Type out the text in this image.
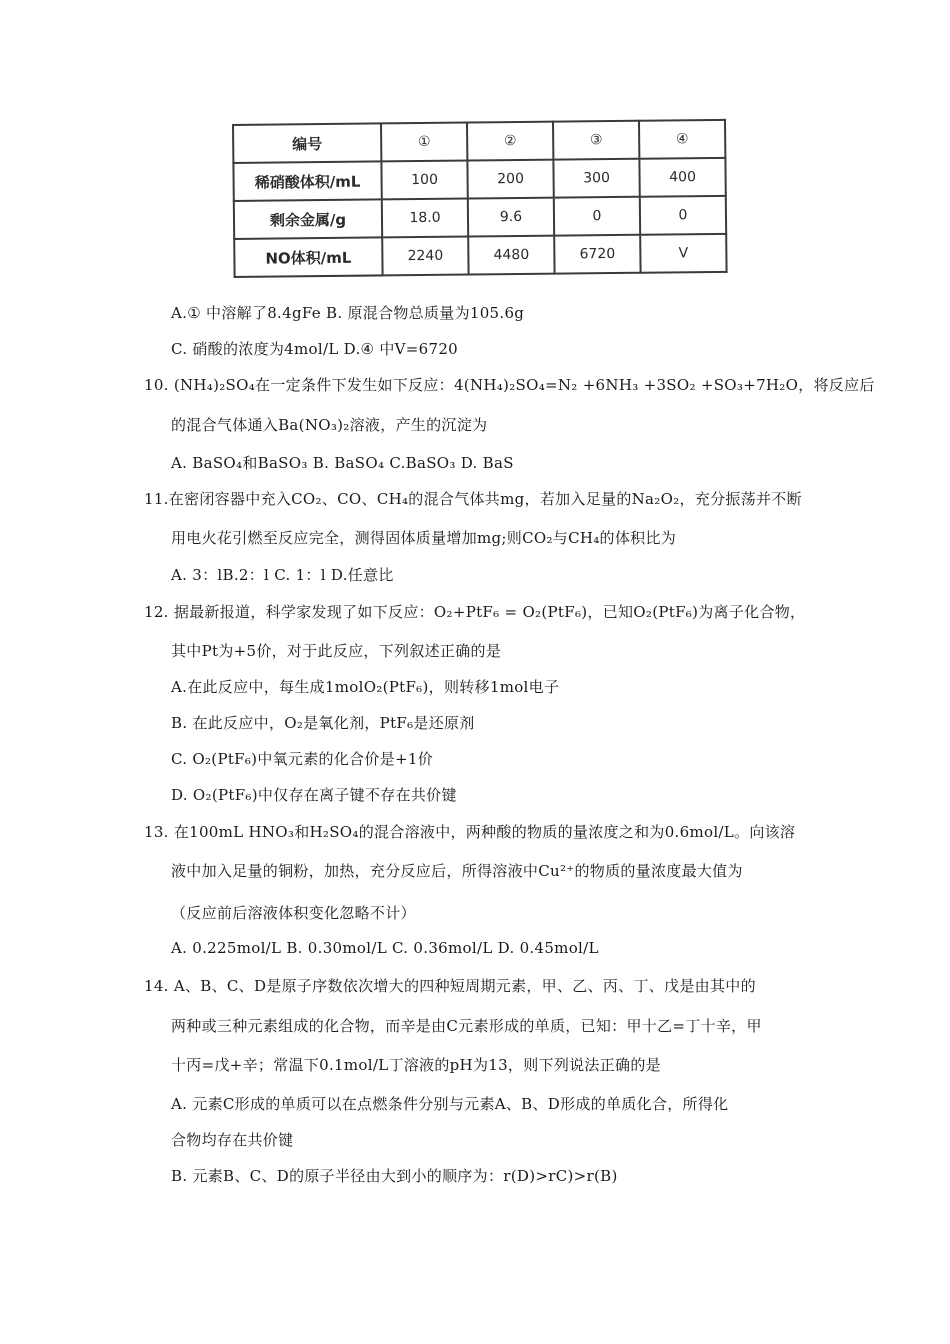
编号	①	②	③	④
稀硝酸体积/mL	100	200	300	400
剩余金属/g	18.0	9.6	0	0
NO体积/mL	2240	4480	6720	V
A.① 中溶解了8.4gFe B. 原混合物总质量为105.6g
C. 硝酸的浓度为4mol/L D.④ 中V=6720
10. (NH₄)₂SO₄在一定条件下发生如下反应：4(NH₄)₂SO₄=N₂ +6NH₃ +3SO₂ +SO₃+7H₂O，将反应后
的混合气体通入Ba(NO₃)₂溶液，产生的沉淀为
A. BaSO₄和BaSO₃ B. BaSO₄ C.BaSO₃ D. BaS
11.在密闭容器中充入CO₂、CO、CH₄的混合气体共mg，若加入足量的Na₂O₂，充分振荡并不断
用电火花引燃至反应完全，测得固体质量增加mg;则CO₂与CH₄的体积比为
A. 3：lB.2：l C. 1：l D.任意比
12. 据最新报道，科学家发现了如下反应：O₂+PtF₆ = O₂(PtF₆)，已知O₂(PtF₆)为离子化合物，
其中Pt为+5价，对于此反应，下列叙述正确的是
A.在此反应中，每生成1molO₂(PtF₆)，则转移1mol电子
B. 在此反应中，O₂是氧化剂，PtF₆是还原剂
C. O₂(PtF₆)中氧元素的化合价是+1价
D. O₂(PtF₆)中仅存在离子键不存在共价键
13. 在100mL HNO₃和H₂SO₄的混合溶液中，两种酸的物质的量浓度之和为0.6mol/L。向该溶
液中加入足量的铜粉，加热，充分反应后，所得溶液中Cu²⁺的物质的量浓度最大值为
（反应前后溶液体积变化忽略不计）
A. 0.225mol/L B. 0.30mol/L C. 0.36mol/L D. 0.45mol/L
14. A、B、C、D是原子序数依次增大的四种短周期元素，甲、乙、丙、丁、戊是由其中的
两种或三种元素组成的化合物，而辛是由C元素形成的单质，已知：甲十乙=丁十辛，甲
十丙=戊+辛；常温下0.1mol/L丁溶液的pH为13，则下列说法正确的是
A. 元素C形成的单质可以在点燃条件分别与元素A、B、D形成的单质化合，所得化
合物均存在共价键
B. 元素B、C、D的原子半径由大到小的顺序为：r(D)>rC)>r(B)
